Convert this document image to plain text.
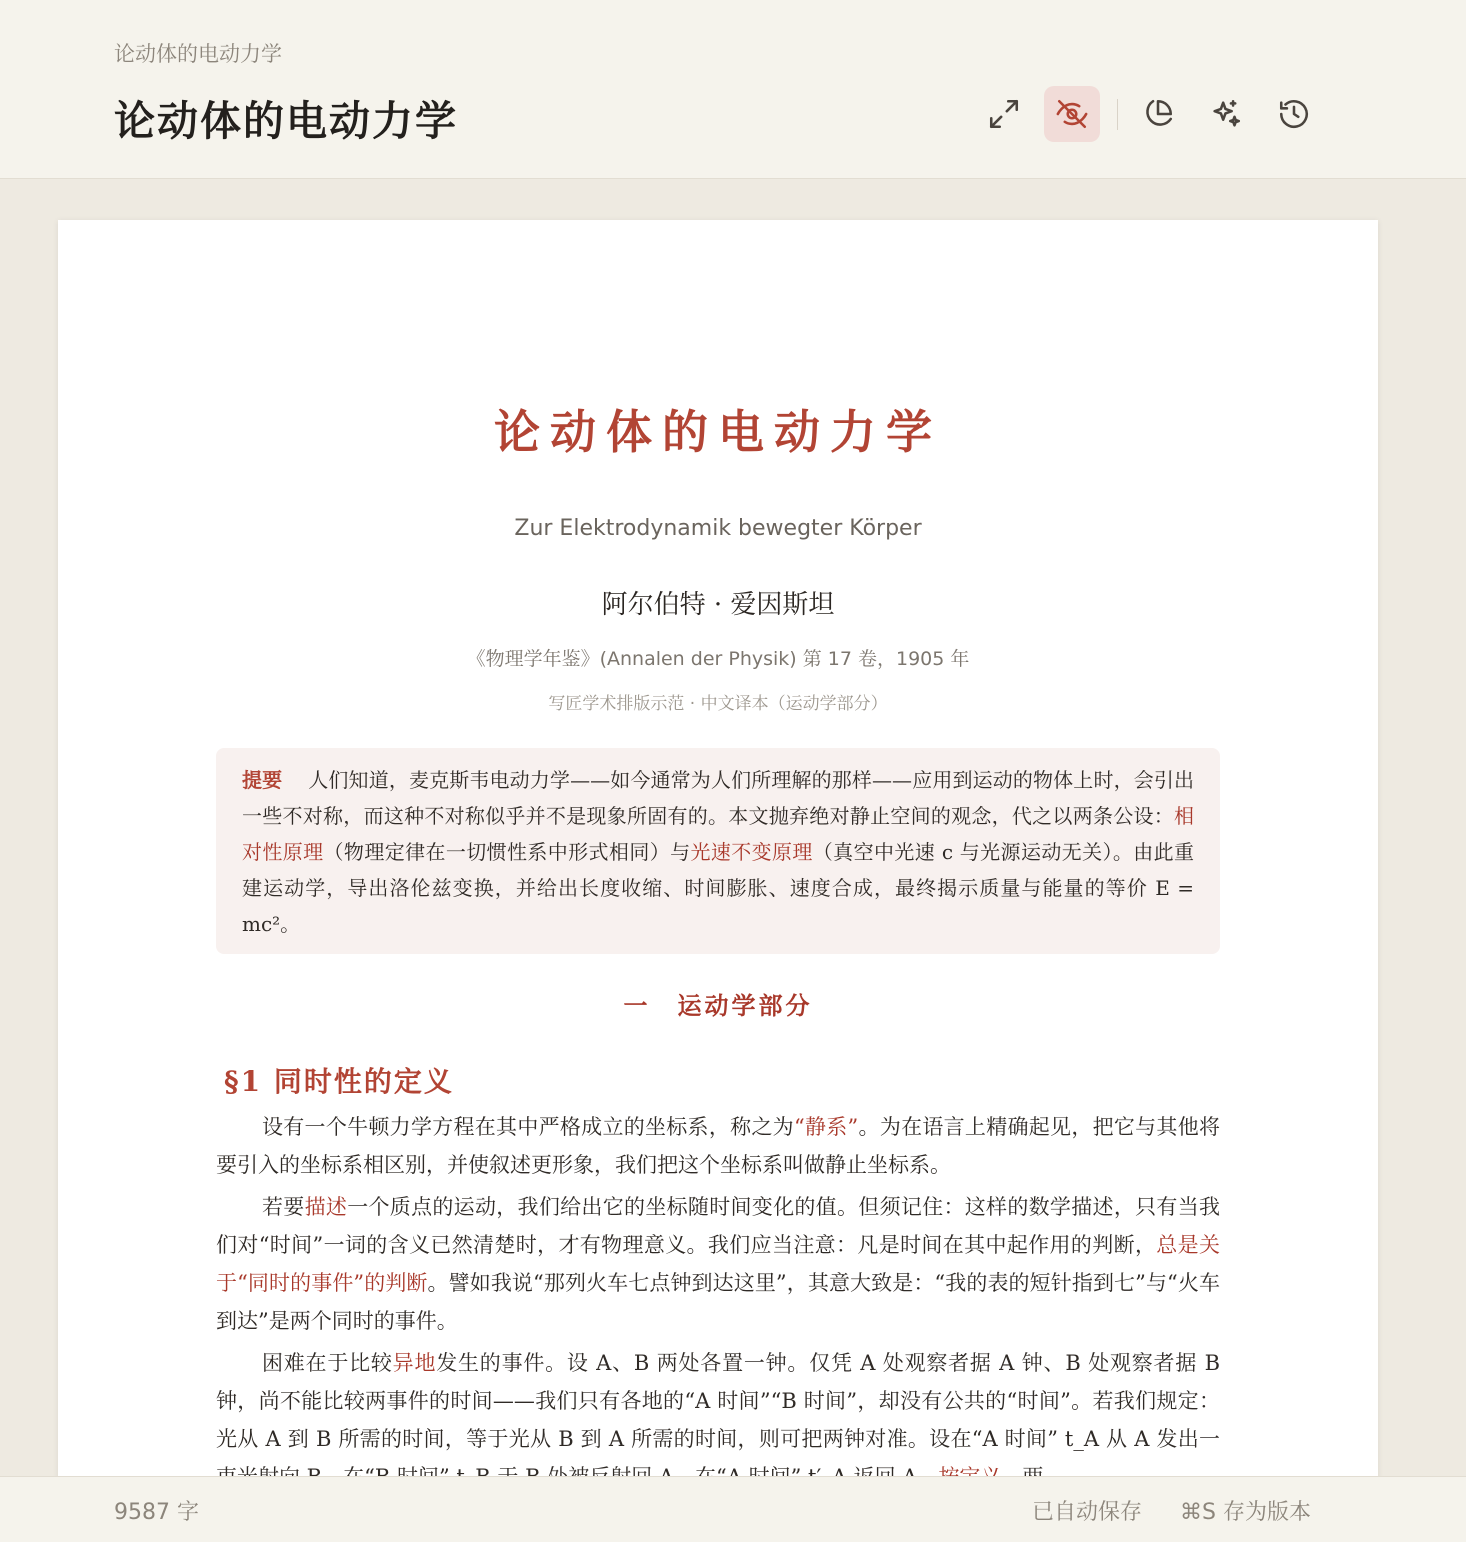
论动体的电动力学
论动体的电动力学
论动体的电动力学
Zur Elektrodynamik bewegter Körper
阿尔伯特 · 爱因斯坦
《物理学年鉴》(Annalen der Physik) 第 17 卷，1905 年
写匠学术排版示范 · 中文译本（运动学部分）
提要 人们知道，麦克斯韦电动力学——如今通常为人们所理解的那样——应用到运动的物体上时，会引出一些不对称，而这种不对称似乎并不是现象所固有的。本文抛弃绝对静止空间的观念，代之以两条公设：相对性原理（物理定律在一切惯性系中形式相同）与光速不变原理（真空中光速 c 与光源运动无关）。由此重建运动学，导出洛伦兹变换，并给出长度收缩、时间膨胀、速度合成，最终揭示质量与能量的等价 E = mc²。
一　运动学部分
§1 同时性的定义

设有一个牛顿力学方程在其中严格成立的坐标系，称之为“静系”。为在语言上精确起见，把它与其他将要引入的坐标系相区别，并使叙述更形象，我们把这个坐标系叫做静止坐标系。

若要描述一个质点的运动，我们给出它的坐标随时间变化的值。但须记住：这样的数学描述，只有当我们对“时间”一词的含义已然清楚时，才有物理意义。我们应当注意：凡是时间在其中起作用的判断，总是关于“同时的事件”的判断。譬如我说“那列火车七点钟到达这里”，其意大致是：“我的表的短针指到七”与“火车到达”是两个同时的事件。

困难在于比较异地发生的事件。设 A、B 两处各置一钟。仅凭 A 处观察者据 A 钟、B 处观察者据 B 钟，尚不能比较两事件的时间——我们只有各地的“A 时间”“B 时间”，却没有公共的“时间”。若我们规定：光从 A 到 B 所需的时间，等于光从 B 到 A 所需的时间，则可把两钟对准。设在“A 时间” t_A 从 A 发出一

9587 字	已自动保存 ⌘S 存为版本
